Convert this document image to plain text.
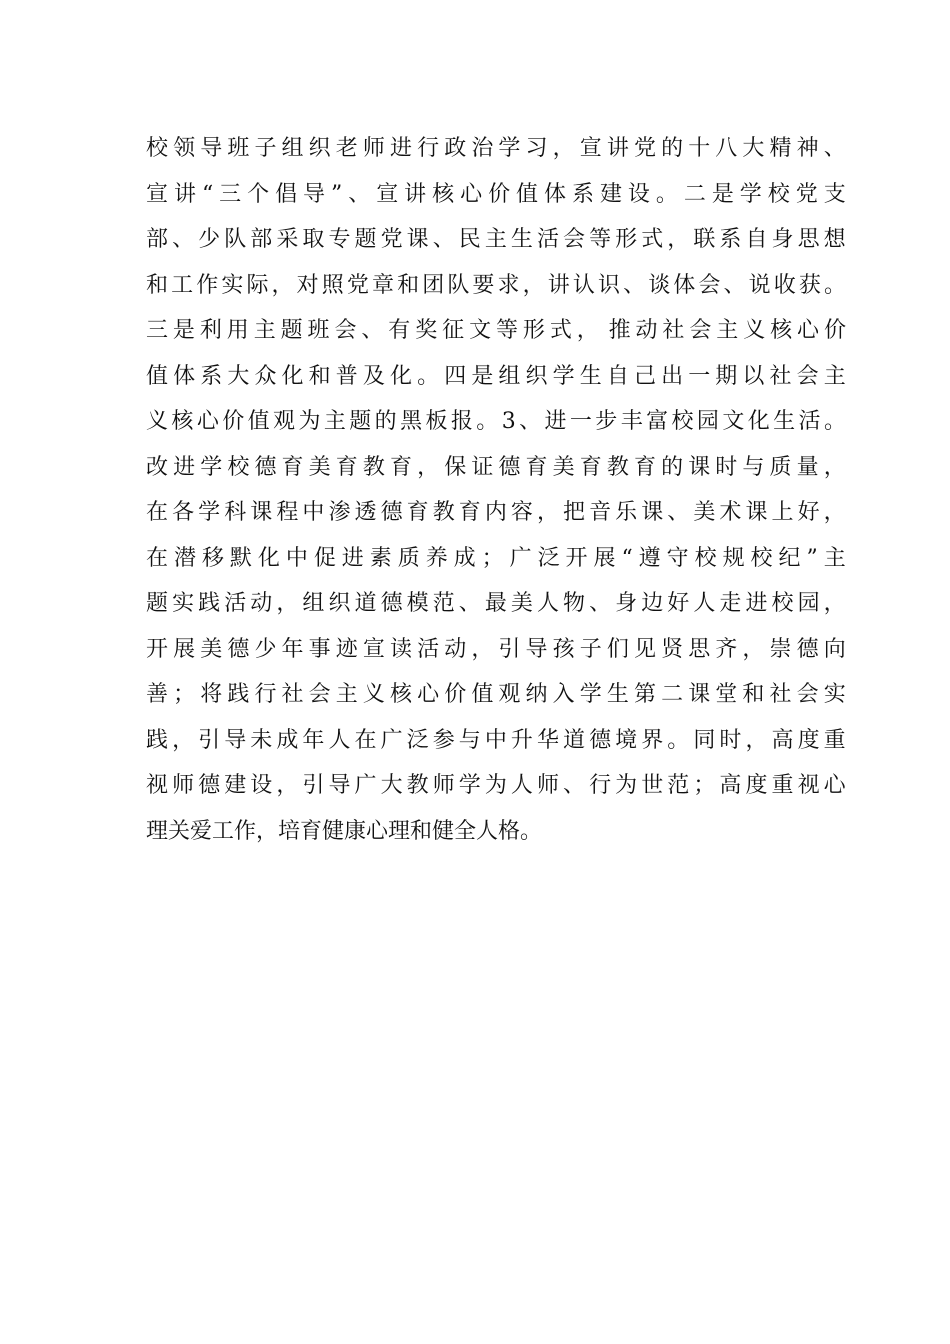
校 领 导 班 子 组 织 老 师 进 行 政 治 学 习 ， 宣 讲 党 的 十 八 大 精 神 、
宣 讲 “ 三 个 倡 导 ” 、 宣 讲 核 心 价 值 体 系 建 设 。 二 是 学 校 党 支
部 、 少 队 部 采 取 专 题 党 课 、 民 主 生 活 会 等 形 式 ， 联 系 自 身 思 想
和 工 作 实 际 ， 对 照 党 章 和 团 队 要 求 ， 讲 认 识 、 谈 体 会 、 说 收 获 。
三 是 利 用 主 题 班 会 、 有 奖 征 文 等 形 式 ， 推 动 社 会 主 义 核 心 价
值 体 系 大 众 化 和 普 及 化 。 四 是 组 织 学 生 自 己 出 一 期 以 社 会 主
义 核 心 价 值 观 为 主 题 的 黑 板 报 。 3 、 进 一 步 丰 富 校 园 文 化 生 活 。
改 进 学 校 德 育 美 育 教 育 ， 保 证 德 育 美 育 教 育 的 课 时 与 质 量 ，
在 各 学 科 课 程 中 渗 透 德 育 教 育 内 容 ， 把 音 乐 课 、 美 术 课 上 好 ，
在 潜 移 默 化 中 促 进 素 质 养 成 ； 广 泛 开 展 “ 遵 守 校 规 校 纪 ” 主
题 实 践 活 动 ， 组 织 道 德 模 范 、 最 美 人 物 、 身 边 好 人 走 进 校 园 ，
开 展 美 德 少 年 事 迹 宣 读 活 动 ， 引 导 孩 子 们 见 贤 思 齐 ， 崇 德 向
善 ； 将 践 行 社 会 主 义 核 心 价 值 观 纳 入 学 生 第 二 课 堂 和 社 会 实
践 ， 引 导 未 成 年 人 在 广 泛 参 与 中 升 华 道 德 境 界 。 同 时 ， 高 度 重
视 师 德 建 设 ， 引 导 广 大 教 师 学 为 人 师 、 行 为 世 范 ； 高 度 重 视 心
理关爱工作，培育健康心理和健全人格。
